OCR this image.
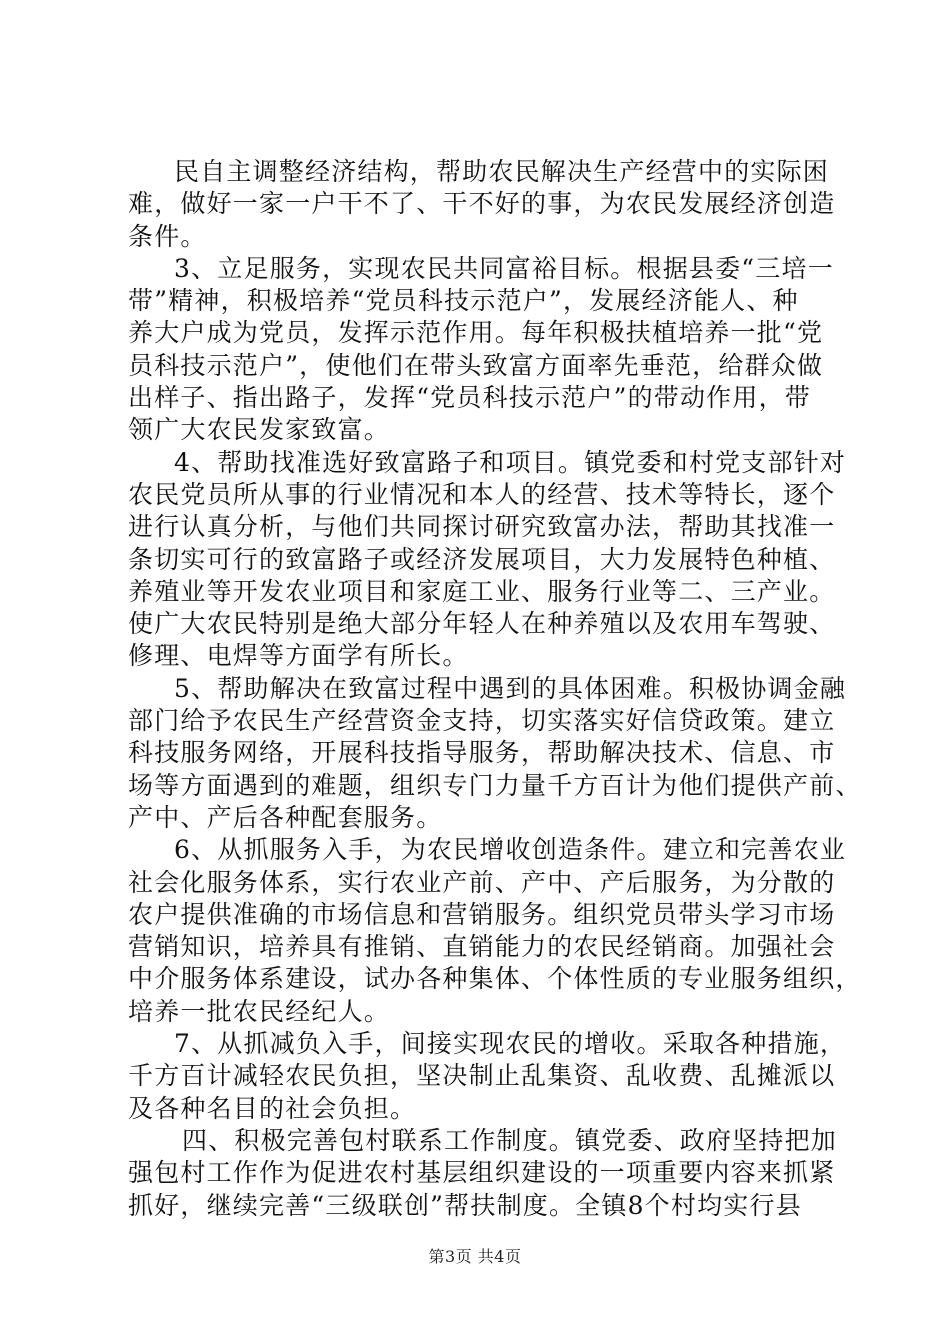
民自主调整经济结构，帮助农民解决生产经营中的实际困
难，做好一家一户干不了、干不好的事，为农民发展经济创造
条件。
3、立足服务，实现农民共同富裕目标。根据县委“三培一
带”精神，积极培养“党员科技示范户”，发展经济能人、种
养大户成为党员，发挥示范作用。每年积极扶植培养一批“党
员科技示范户”，使他们在带头致富方面率先垂范，给群众做
出样子、指出路子，发挥“党员科技示范户”的带动作用，带
领广大农民发家致富。
4、帮助找准选好致富路子和项目。镇党委和村党支部针对
农民党员所从事的行业情况和本人的经营、技术等特长，逐个
进行认真分析，与他们共同探讨研究致富办法，帮助其找准一
条切实可行的致富路子或经济发展项目，大力发展特色种植、
养殖业等开发农业项目和家庭工业、服务行业等二、三产业。
使广大农民特别是绝大部分年轻人在种养殖以及农用车驾驶、
修理、电焊等方面学有所长。
5、帮助解决在致富过程中遇到的具体困难。积极协调金融
部门给予农民生产经营资金支持，切实落实好信贷政策。建立
科技服务网络，开展科技指导服务，帮助解决技术、信息、市
场等方面遇到的难题，组织专门力量千方百计为他们提供产前、
产中、产后各种配套服务。
6、从抓服务入手，为农民增收创造条件。建立和完善农业
社会化服务体系，实行农业产前、产中、产后服务，为分散的
农户提供准确的市场信息和营销服务。组织党员带头学习市场
营销知识，培养具有推销、直销能力的农民经销商。加强社会
中介服务体系建设，试办各种集体、个体性质的专业服务组织，
培养一批农民经纪人。
7、从抓减负入手，间接实现农民的增收。采取各种措施，
千方百计减轻农民负担，坚决制止乱集资、乱收费、乱摊派以
及各种名目的社会负担。
四、积极完善包村联系工作制度。镇党委、政府坚持把加
强包村工作作为促进农村基层组织建设的一项重要内容来抓紧
抓好，继续完善“三级联创”帮扶制度。全镇8个村均实行县
第3页 共4页
